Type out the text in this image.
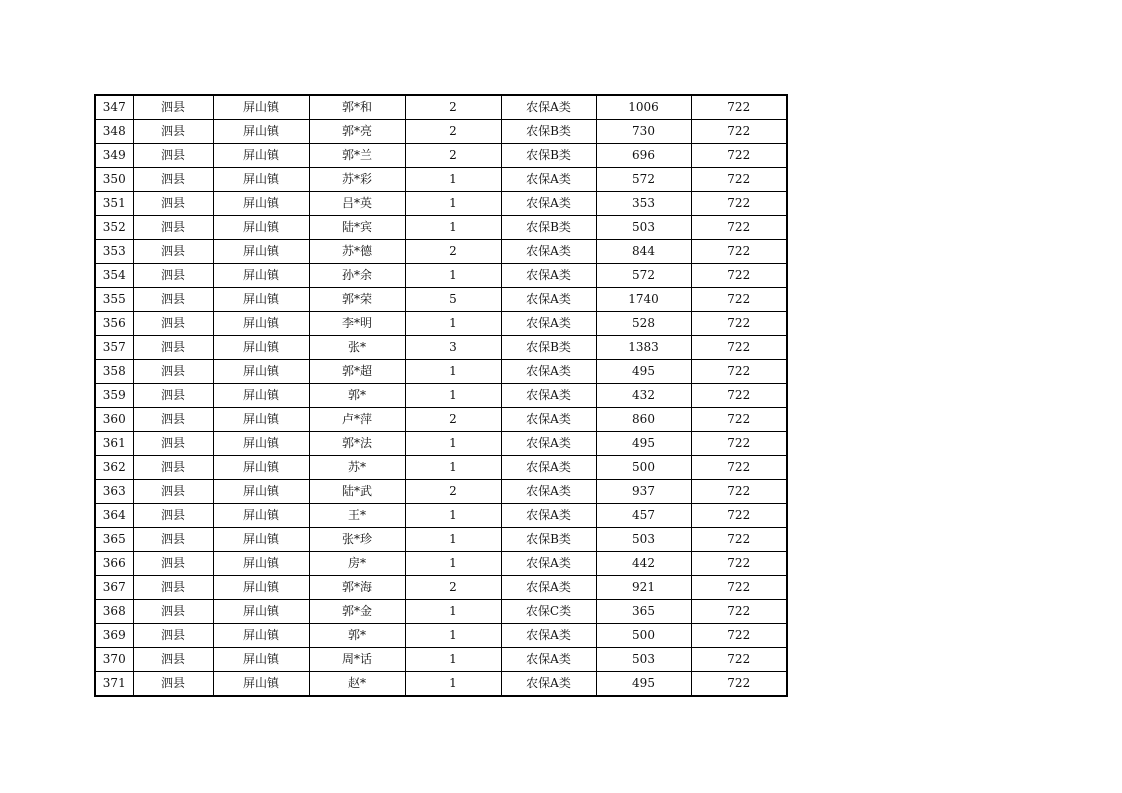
347	泗县	屏山镇	郭*和	2	农保A类	1006	722
348	泗县	屏山镇	郭*亮	2	农保B类	730	722
349	泗县	屏山镇	郭*兰	2	农保B类	696	722
350	泗县	屏山镇	苏*彩	1	农保A类	572	722
351	泗县	屏山镇	吕*英	1	农保A类	353	722
352	泗县	屏山镇	陆*宾	1	农保B类	503	722
353	泗县	屏山镇	苏*德	2	农保A类	844	722
354	泗县	屏山镇	孙*余	1	农保A类	572	722
355	泗县	屏山镇	郭*荣	5	农保A类	1740	722
356	泗县	屏山镇	李*明	1	农保A类	528	722
357	泗县	屏山镇	张*	3	农保B类	1383	722
358	泗县	屏山镇	郭*超	1	农保A类	495	722
359	泗县	屏山镇	郭*	1	农保A类	432	722
360	泗县	屏山镇	卢*萍	2	农保A类	860	722
361	泗县	屏山镇	郭*法	1	农保A类	495	722
362	泗县	屏山镇	苏*	1	农保A类	500	722
363	泗县	屏山镇	陆*武	2	农保A类	937	722
364	泗县	屏山镇	王*	1	农保A类	457	722
365	泗县	屏山镇	张*珍	1	农保B类	503	722
366	泗县	屏山镇	房*	1	农保A类	442	722
367	泗县	屏山镇	郭*海	2	农保A类	921	722
368	泗县	屏山镇	郭*金	1	农保C类	365	722
369	泗县	屏山镇	郭*	1	农保A类	500	722
370	泗县	屏山镇	周*话	1	农保A类	503	722
371	泗县	屏山镇	赵*	1	农保A类	495	722
